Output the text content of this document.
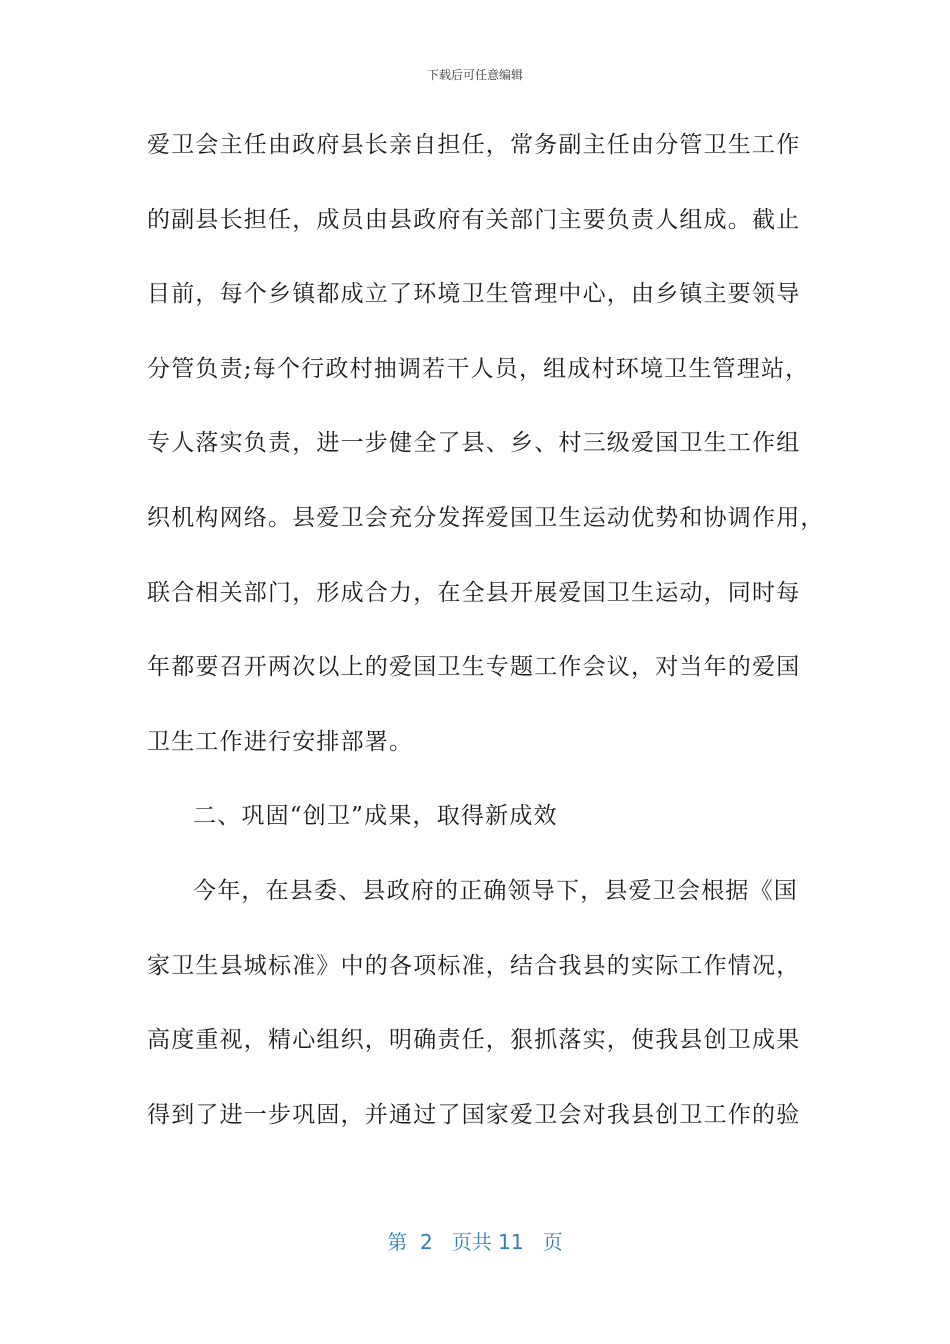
下载后可任意编辑
爱卫会主任由政府县长亲自担任，常务副主任由分管卫生工作
的副县长担任，成员由县政府有关部门主要负责人组成。截止
目前，每个乡镇都成立了环境卫生管理中心，由乡镇主要领导
分管负责;每个行政村抽调若干人员，组成村环境卫生管理站，
专人落实负责，进一步健全了县、乡、村三级爱国卫生工作组
织机构网络。县爱卫会充分发挥爱国卫生运动优势和协调作用，
联合相关部门，形成合力，在全县开展爱国卫生运动，同时每
年都要召开两次以上的爱国卫生专题工作会议，对当年的爱国
卫生工作进行安排部署。
二、巩固“创卫”成果，取得新成效
今年，在县委、县政府的正确领导下，县爱卫会根据《国
家卫生县城标准》中的各项标准，结合我县的实际工作情况，
高度重视，精心组织，明确责任，狠抓落实，使我县创卫成果
得到了进一步巩固，并通过了国家爱卫会对我县创卫工作的验
第 2 页共 11 页
